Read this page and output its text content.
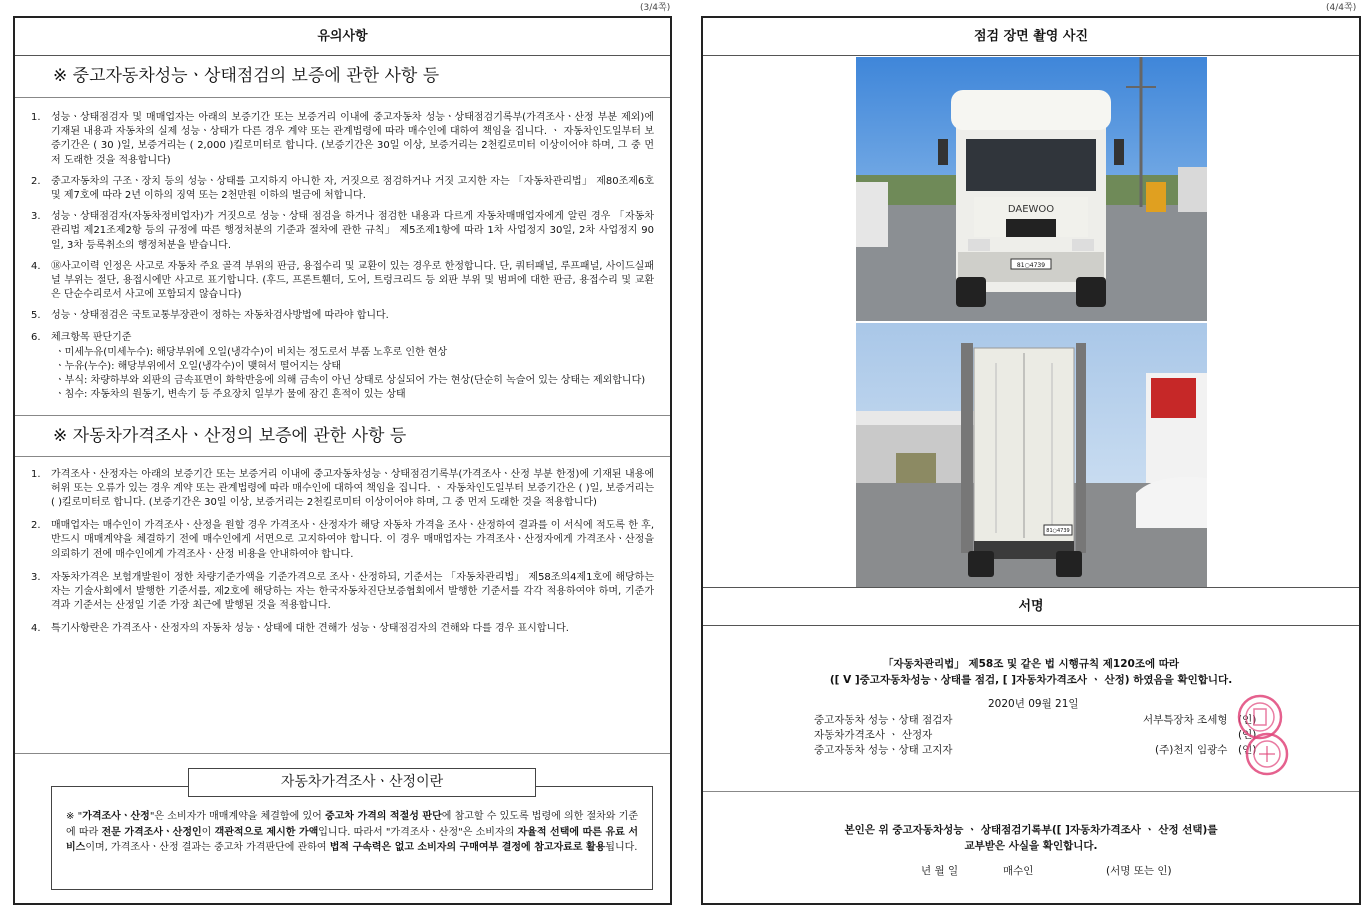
(3/4쪽)	(4/4쪽)
유의사항
※ 중고자동차성능ㆍ상태점검의 보증에 관한 사항 등
1. 성능ㆍ상태점검자 및 매매업자는 아래의 보증기간 또는 보증거리 이내에 중고자동차 성능ㆍ상태점검기록부(가격조사ㆍ산정 부분 제외)에 기재된 내용과 자동차의 실제 성능ㆍ상태가 다른 경우 계약 또는 관계법령에 따라 매수인에 대하여 책임을 집니다. ㆍ 자동차인도일부터 보증기간은 ( 30 )일, 보증거리는 ( 2,000 )킬로미터로 합니다. (보증기간은 30일 이상, 보증거리는 2천킬로미터 이상이어야 하며, 그 중 먼저 도래한 것을 적용합니다)
2. 중고자동차의 구조ㆍ장치 등의 성능ㆍ상태를 고지하지 아니한 자, 거짓으로 점검하거나 거짓 고지한 자는 「자동차관리법」 제80조제6호 및 제7호에 따라 2년 이하의 징역 또는 2천만원 이하의 벌금에 처합니다.
3. 성능ㆍ상태점검자(자동차정비업자)가 거짓으로 성능ㆍ상태 점검을 하거나 점검한 내용과 다르게 자동차매매업자에게 알린 경우 「자동차관리법 제21조제2항 등의 규정에 따른 행정처분의 기준과 절차에 관한 규칙」 제5조제1항에 따라 1차 사업정지 30일, 2차 사업정지 90일, 3차 등록취소의 행정처분을 받습니다.
4. ⑱사고이력 인정은 사고로 자동차 주요 골격 부위의 판금, 용접수리 및 교환이 있는 경우로 한정합니다. 단, 쿼터패널, 루프패널, 사이드실패널 부위는 절단, 용접시에만 사고로 표기합니다. (후드, 프론트휀더, 도어, 트렁크리드 등 외판 부위 및 범퍼에 대한 판금, 용접수리 및 교환은 단순수리로서 사고에 포함되지 않습니다)
5. 성능ㆍ상태점검은 국토교통부장관이 정하는 자동차검사방법에 따라야 합니다.
6. 체크항목 판단기준
ㆍ미세누유(미세누수): 해당부위에 오일(냉각수)이 비치는 정도로서 부품 노후로 인한 현상
ㆍ누유(누수): 해당부위에서 오일(냉각수)이 맺혀서 떨어지는 상태
ㆍ부식: 차량하부와 외판의 금속표면이 화학반응에 의해 금속이 아닌 상태로 상실되어 가는 현상(단순히 녹슬어 있는 상태는 제외합니다)
ㆍ침수: 자동차의 원동기, 변속기 등 주요장치 일부가 물에 잠긴 흔적이 있는 상태
※ 자동차가격조사ㆍ산정의 보증에 관한 사항 등
1. 가격조사ㆍ산정자는 아래의 보증기간 또는 보증거리 이내에 중고자동차성능ㆍ상태점검기록부(가격조사ㆍ산정 부분 한정)에 기재된 내용에 허위 또는 오류가 있는 경우 계약 또는 관계법령에 따라 매수인에 대하여 책임을 집니다. ㆍ 자동차인도일부터 보증기간은 ( )일, 보증거리는 ( )킬로미터로 합니다. (보증기간은 30일 이상, 보증거리는 2천킬로미터 이상이어야 하며, 그 중 먼저 도래한 것을 적용합니다)
2. 매매업자는 매수인이 가격조사ㆍ산정을 원할 경우 가격조사ㆍ산정자가 해당 자동차 가격을 조사ㆍ산정하여 결과를 이 서식에 적도록 한 후, 반드시 매매계약을 체결하기 전에 매수인에게 서면으로 고지하여야 합니다. 이 경우 매매업자는 가격조사ㆍ산정자에게 가격조사ㆍ산정을 의뢰하기 전에 매수인에게 가격조사ㆍ산정 비용을 안내하여야 합니다.
3. 자동차가격은 보험개발원이 정한 차량기준가액을 기준가격으로 조사ㆍ산정하되, 기준서는 「자동차관리법」 제58조의4제1호에 해당하는 자는 기술사회에서 발행한 기준서를, 제2호에 해당하는 자는 한국자동차진단보증협회에서 발행한 기준서를 각각 적용하여야 하며, 기준가격과 기준서는 산정일 기준 가장 최근에 발행된 것을 적용합니다.
4. 특기사항란은 가격조사ㆍ산정자의 자동차 성능ㆍ상태에 대한 견해가 성능ㆍ상태점검자의 견해와 다를 경우 표시합니다.
자동차가격조사ㆍ산정이란
※ "가격조사ㆍ산정"은 소비자가 매매계약을 체결함에 있어 중고차 가격의 적절성 판단에 참고할 수 있도록 법령에 의한 절차와 기준에 따라 전문 가격조사ㆍ산정인이 객관적으로 제시한 가액입니다. 따라서 "가격조사ㆍ산정"은 소비자의 자율적 선택에 따른 유료 서비스이며, 가격조사ㆍ산정 결과는 중고차 가격판단에 관하여 법적 구속력은 없고 소비자의 구매여부 결정에 참고자료로 활용됩니다.
점검 장면 촬영 사진
DAEWOO
81○4739
81○4739
서명
「자동차관리법」 제58조 및 같은 법 시행규칙 제120조에 따라
([ V ]중고자동차성능ㆍ상태를 점검, [ ]자동차가격조사 ㆍ 산정) 하였음을 확인합니다.
2020년 09월 21일
중고자동차 성능ㆍ상태 점검자	서부특장차 조세형 (인)
자동차가격조사 ㆍ 산정자	(인)
중고자동차 성능ㆍ상태 고지자	(주)천지 임광수 (인)
본인은 위 중고자동차성능 ㆍ 상태점검기록부([ ]자동차가격조사 ㆍ 산정 선택)를
교부받은 사실을 확인합니다.
년 월 일	매수인	(서명 또는 인)
